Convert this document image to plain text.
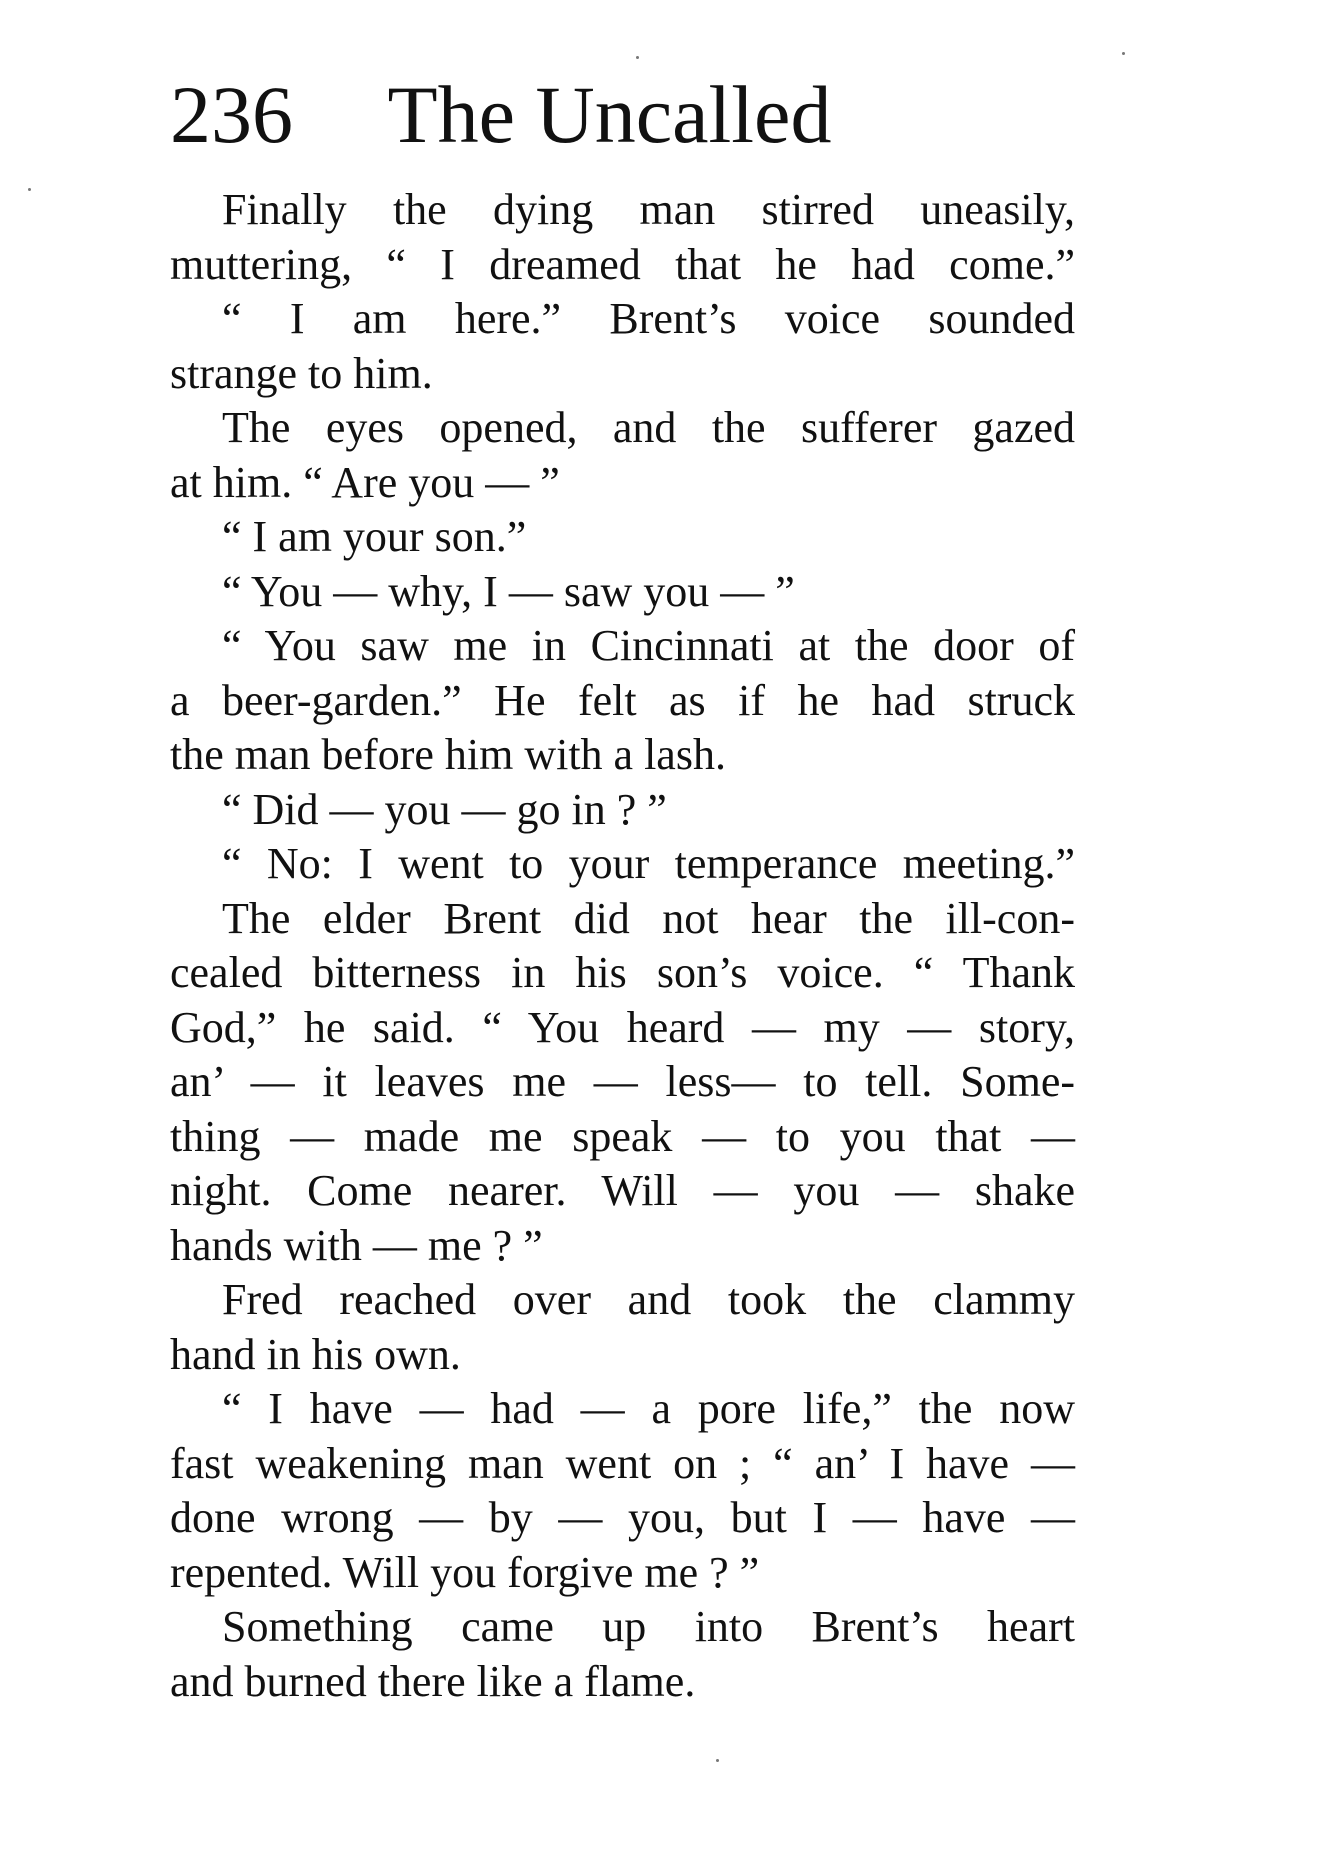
236 The Uncalled
Finally the dying man stirred uneasily,
muttering, “ I dreamed that he had come.”
“ I am here.” Brent’s voice sounded
strange to him.
The eyes opened, and the sufferer gazed
at him. “ Are you — ”
“ I am your son.”
“ You — why, I — saw you — ”
“ You saw me in Cincinnati at the door of
a beer-garden.” He felt as if he had struck
the man before him with a lash.
“ Did — you — go in ? ”
“ No: I went to your temperance meeting.”
The elder Brent did not hear the ill-con-
cealed bitterness in his son’s voice. “ Thank
God,” he said. “ You heard — my — story,
an’ — it leaves me — less— to tell. Some-
thing — made me speak — to you that —
night. Come nearer. Will — you — shake
hands with — me ? ”
Fred reached over and took the clammy
hand in his own.
“ I have — had — a pore life,” the now
fast weakening man went on ; “ an’ I have —
done wrong — by — you, but I — have —
repented. Will you forgive me ? ”
Something came up into Brent’s heart
and burned there like a flame.
